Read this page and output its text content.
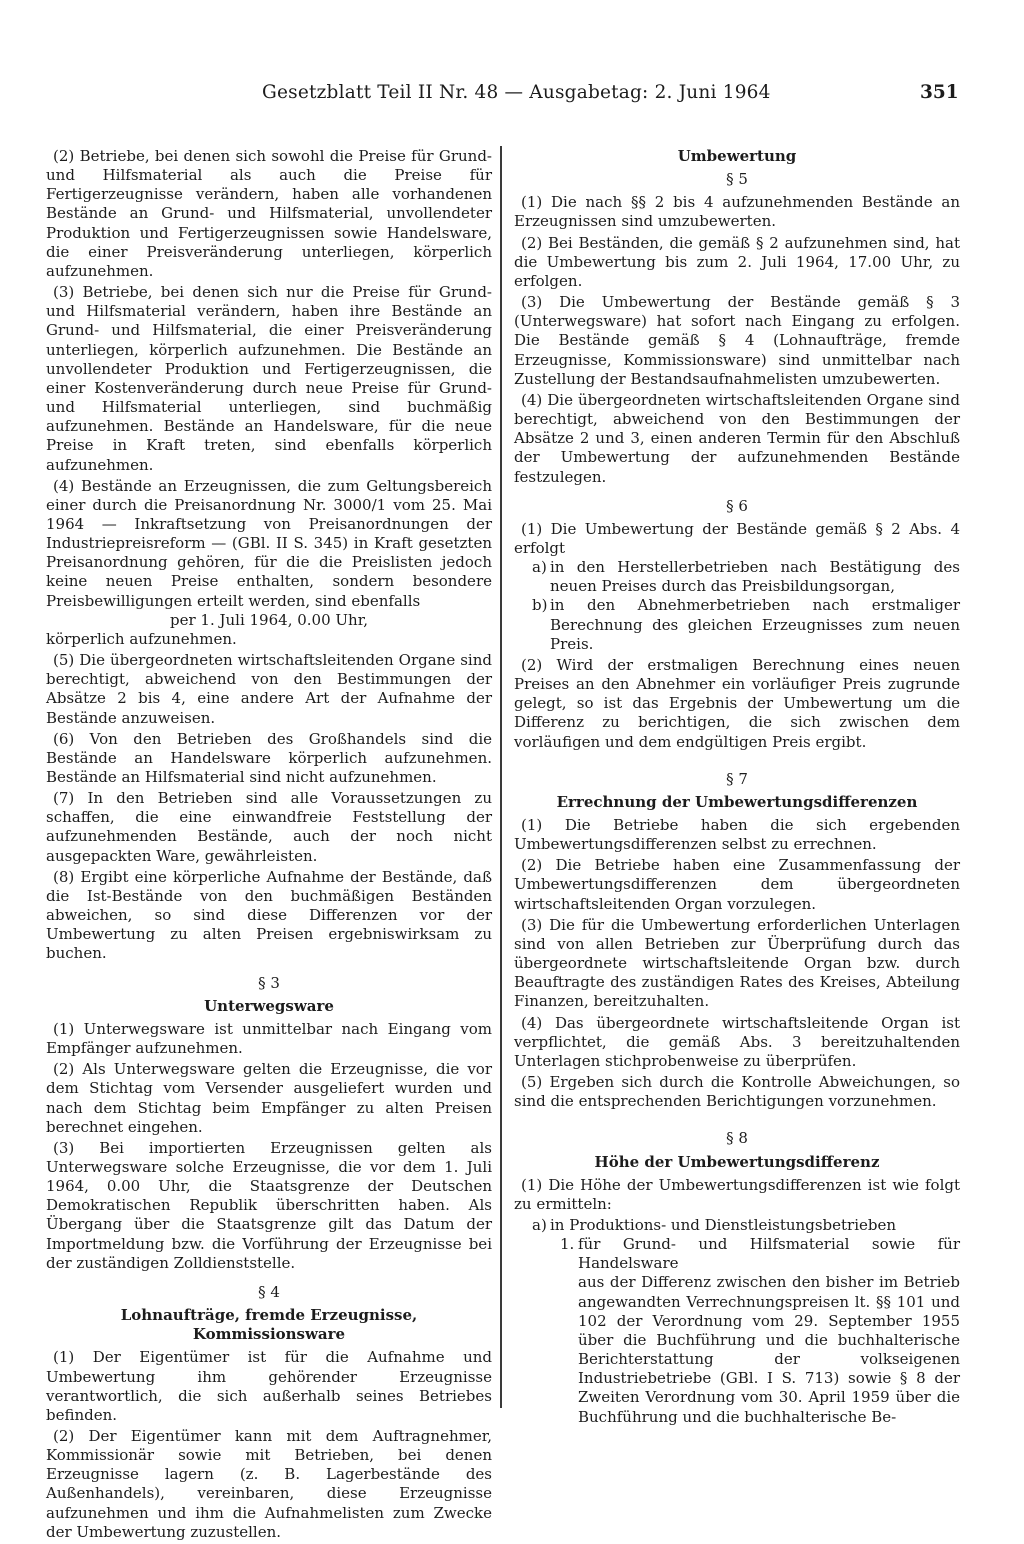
Gesetzblatt Teil II Nr. 48 — Ausgabetag: 2. Juni 1964	351

(2) Betriebe, bei denen sich sowohl die Preise für Grund- und Hilfsmaterial als auch die Preise für Fertigerzeugnisse verändern, haben alle vorhandenen Bestände an Grund- und Hilfsmaterial, unvollendeter Produktion und Fertigerzeugnissen sowie Handelsware, die einer Preisveränderung unterliegen, körperlich aufzunehmen.

(3) Betriebe, bei denen sich nur die Preise für Grund- und Hilfsmaterial verändern, haben ihre Bestände an Grund- und Hilfsmaterial, die einer Preisveränderung unterliegen, körperlich aufzunehmen. Die Bestände an unvollendeter Produktion und Fertigerzeugnissen, die einer Kostenveränderung durch neue Preise für Grund- und Hilfsmaterial unterliegen, sind buchmäßig aufzunehmen. Bestände an Handelsware, für die neue Preise in Kraft treten, sind ebenfalls körperlich aufzunehmen.

(4) Bestände an Erzeugnissen, die zum Geltungsbereich einer durch die Preisanordnung Nr. 3000/1 vom 25. Mai 1964 — Inkraftsetzung von Preisanordnungen der Industriepreisreform — (GBl. II S. 345) in Kraft gesetzten Preisanordnung gehören, für die die Preislisten jedoch keine neuen Preise enthalten, sondern besondere Preisbewilligungen erteilt werden, sind ebenfalls

per 1. Juli 1964, 0.00 Uhr,

körperlich aufzunehmen.

(5) Die übergeordneten wirtschaftsleitenden Organe sind berechtigt, abweichend von den Bestimmungen der Absätze 2 bis 4, eine andere Art der Aufnahme der Bestände anzuweisen.

(6) Von den Betrieben des Großhandels sind die Bestände an Handelsware körperlich aufzunehmen. Bestände an Hilfsmaterial sind nicht aufzunehmen.

(7) In den Betrieben sind alle Voraussetzungen zu schaffen, die eine einwandfreie Feststellung der aufzunehmenden Bestände, auch der noch nicht ausgepackten Ware, gewährleisten.

(8) Ergibt eine körperliche Aufnahme der Bestände, daß die Ist-Bestände von den buchmäßigen Beständen abweichen, so sind diese Differenzen vor der Umbewertung zu alten Preisen ergebniswirksam zu buchen.

§ 3

Unterwegsware

(1) Unterwegsware ist unmittelbar nach Eingang vom Empfänger aufzunehmen.

(2) Als Unterwegsware gelten die Erzeugnisse, die vor dem Stichtag vom Versender ausgeliefert wurden und nach dem Stichtag beim Empfänger zu alten Preisen berechnet eingehen.

(3) Bei importierten Erzeugnissen gelten als Unterwegsware solche Erzeugnisse, die vor dem 1. Juli 1964, 0.00 Uhr, die Staatsgrenze der Deutschen Demokratischen Republik überschritten haben. Als Übergang über die Staatsgrenze gilt das Datum der Importmeldung bzw. die Vorführung der Erzeugnisse bei der zuständigen Zolldienststelle.

§ 4

Lohnaufträge, fremde Erzeugnisse, Kommissionsware

(1) Der Eigentümer ist für die Aufnahme und Umbewertung ihm gehörender Erzeugnisse verantwortlich, die sich außerhalb seines Betriebes befinden.

(2) Der Eigentümer kann mit dem Auftragnehmer, Kommissionär sowie mit Betrieben, bei denen Erzeugnisse lagern (z. B. Lagerbestände des Außenhandels), vereinbaren, diese Erzeugnisse aufzunehmen und ihm die Aufnahmelisten zum Zwecke der Umbewertung zuzustellen.

Umbewertung

§ 5

(1) Die nach §§ 2 bis 4 aufzunehmenden Bestände an Erzeugnissen sind umzubewerten.

(2) Bei Beständen, die gemäß § 2 aufzunehmen sind, hat die Umbewertung bis zum 2. Juli 1964, 17.00 Uhr, zu erfolgen.

(3) Die Umbewertung der Bestände gemäß § 3 (Unterwegsware) hat sofort nach Eingang zu erfolgen. Die Bestände gemäß § 4 (Lohnaufträge, fremde Erzeugnisse, Kommissionsware) sind unmittelbar nach Zustellung der Bestandsaufnahmelisten umzubewerten.

(4) Die übergeordneten wirtschaftsleitenden Organe sind berechtigt, abweichend von den Bestimmungen der Absätze 2 und 3, einen anderen Termin für den Abschluß der Umbewertung der aufzunehmenden Bestände festzulegen.

§ 6

(1) Die Umbewertung der Bestände gemäß § 2 Abs. 4 erfolgt

a) in den Herstellerbetrieben nach Bestätigung des neuen Preises durch das Preisbildungsorgan,

b) in den Abnehmerbetrieben nach erstmaliger Berechnung des gleichen Erzeugnisses zum neuen Preis.

(2) Wird der erstmaligen Berechnung eines neuen Preises an den Abnehmer ein vorläufiger Preis zugrunde gelegt, so ist das Ergebnis der Umbewertung um die Differenz zu berichtigen, die sich zwischen dem vorläufigen und dem endgültigen Preis ergibt.

§ 7

Errechnung der Umbewertungsdifferenzen

(1) Die Betriebe haben die sich ergebenden Umbewertungsdifferenzen selbst zu errechnen.

(2) Die Betriebe haben eine Zusammenfassung der Umbewertungsdifferenzen dem übergeordneten wirtschaftsleitenden Organ vorzulegen.

(3) Die für die Umbewertung erforderlichen Unterlagen sind von allen Betrieben zur Überprüfung durch das übergeordnete wirtschaftsleitende Organ bzw. durch Beauftragte des zuständigen Rates des Kreises, Abteilung Finanzen, bereitzuhalten.

(4) Das übergeordnete wirtschaftsleitende Organ ist verpflichtet, die gemäß Abs. 3 bereitzuhaltenden Unterlagen stichprobenweise zu überprüfen.

(5) Ergeben sich durch die Kontrolle Abweichungen, so sind die entsprechenden Berichtigungen vorzunehmen.

§ 8

Höhe der Umbewertungsdifferenz

(1) Die Höhe der Umbewertungsdifferenzen ist wie folgt zu ermitteln:

a) in Produktions- und Dienstleistungsbetrieben

1. für Grund- und Hilfsmaterial sowie für Handelsware

aus der Differenz zwischen den bisher im Betrieb angewandten Verrechnungspreisen lt. §§ 101 und 102 der Verordnung vom 29. September 1955 über die Buchführung und die buchhalterische Berichterstattung der volkseigenen Industriebetriebe (GBl. I S. 713) sowie § 8 der Zweiten Verordnung vom 30. April 1959 über die Buchführung und die buchhalterische Be-
